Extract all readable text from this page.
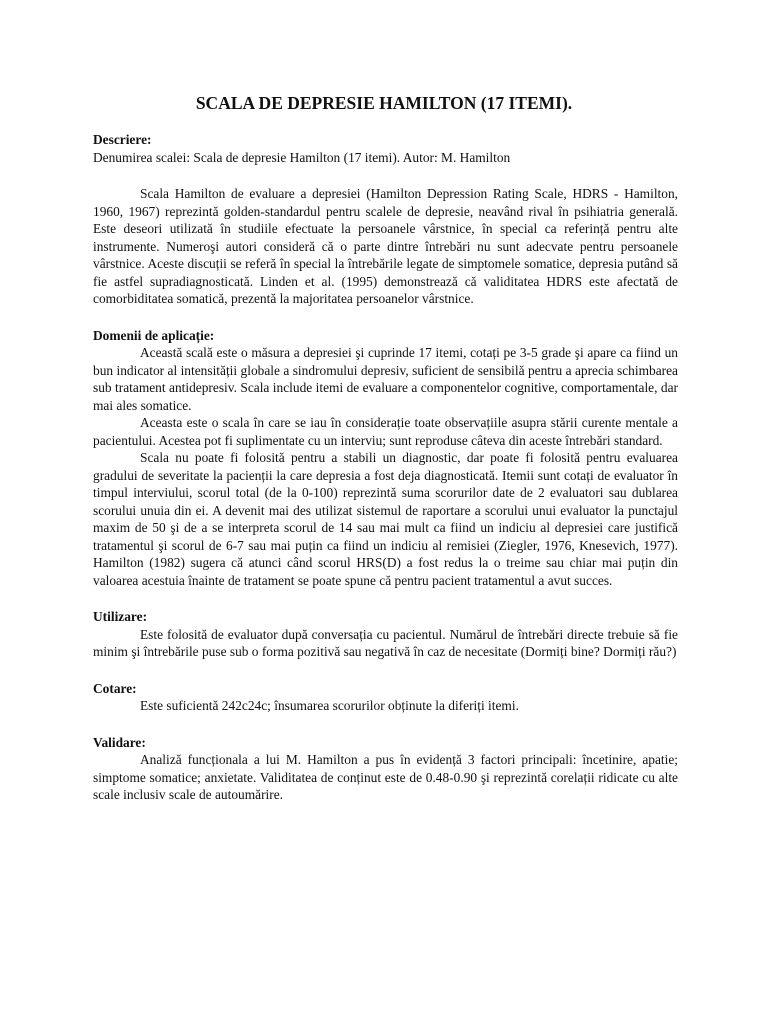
SCALA DE DEPRESIE HAMILTON (17 ITEMI).

Descriere:

Denumirea scalei: Scala de depresie Hamilton (17 itemi). Autor: M. Hamilton

Scala Hamilton de evaluare a depresiei (Hamilton Depression Rating Scale, HDRS - Hamilton, 1960, 1967) reprezintă golden-standardul pentru scalele de depresie, neavând rival în psihiatria generală. Este deseori utilizată în studiile efectuate la persoanele vârstnice, în special ca referință pentru alte instrumente. Numeroşi autori consideră că o parte dintre întrebări nu sunt adecvate pentru persoanele vârstnice. Aceste discuții se referă în special la întrebările legate de simptomele somatice, depresia putând să fie astfel supradiagnosticată. Linden et al. (1995) demonstrează că validitatea HDRS este afectată de comorbiditatea somatică, prezentă la majoritatea persoanelor vârstnice.

Domenii de aplicație:

Această scală este o măsura a depresiei şi cuprinde 17 itemi, cotați pe 3-5 grade şi apare ca fiind un bun indicator al intensității globale a sindromului depresiv, suficient de sensibilă pentru a aprecia schimbarea sub tratament antidepresiv. Scala include itemi de evaluare a componentelor cognitive, comportamentale, dar mai ales somatice.

Aceasta este o scala în care se iau în considerație toate observațiile asupra stării curente mentale a pacientului. Acestea pot fi suplimentate cu un interviu; sunt reproduse câteva din aceste întrebări standard.

Scala nu poate fi folosită pentru a stabili un diagnostic, dar poate fi folosită pentru evaluarea gradului de severitate la pacienții la care depresia a fost deja diagnosticată. Itemii sunt cotați de evaluator în timpul interviului, scorul total (de la 0-100) reprezintă suma scorurilor date de 2 evaluatori sau dublarea scorului unuia din ei. A devenit mai des utilizat sistemul de raportare a scorului unui evaluator la punctajul maxim de 50 şi de a se interpreta scorul de 14 sau mai mult ca fiind un indiciu al depresiei care justifică tratamentul şi scorul de 6-7 sau mai puțin ca fiind un indiciu al remisiei (Ziegler, 1976, Knesevich, 1977). Hamilton (1982) sugera că atunci când scorul HRS(D) a fost redus la o treime sau chiar mai puțin din valoarea acestuia înainte de tratament se poate spune că pentru pacient tratamentul a avut succes.

Utilizare:

Este folosită de evaluator după conversația cu pacientul. Numărul de întrebări directe trebuie să fie minim şi întrebările puse sub o forma pozitivă sau negativă în caz de necesitate (Dormiți bine? Dormiți rău?)

Cotare:

Este suficientă 242c24c; însumarea scorurilor obținute la diferiți itemi.

Validare:

Analiză funcționala a lui M. Hamilton a pus în evidență 3 factori principali: încetinire, apatie; simptome somatice; anxietate. Validitatea de conținut este de 0.48-0.90 şi reprezintă corelații ridicate cu alte scale inclusiv scale de autoumărire.
